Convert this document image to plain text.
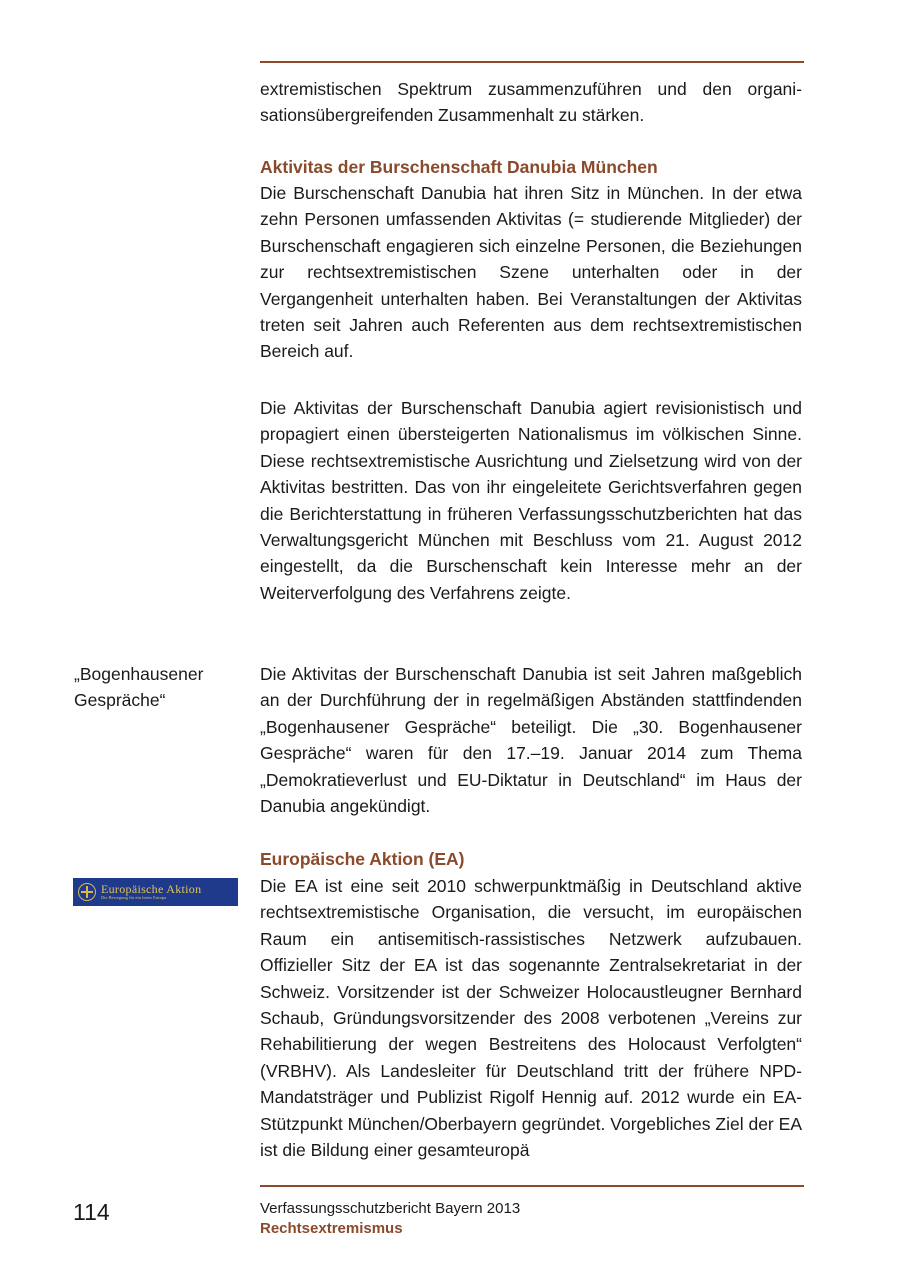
extremistischen Spektrum zusammenzuführen und den organisationsübergreifenden Zusammenhalt zu stärken.

Aktivitas der Burschenschaft Danubia München

Die Burschenschaft Danubia hat ihren Sitz in München. In der etwa zehn Personen umfassenden Aktivitas (= studierende Mitglieder) der Burschenschaft engagieren sich einzelne Personen, die Beziehungen zur rechtsextremistischen Szene unterhalten oder in der Vergangenheit unterhalten haben. Bei Veranstaltungen der Aktivitas treten seit Jahren auch Referenten aus dem rechtsextremistischen Bereich auf.

Die Aktivitas der Burschenschaft Danubia agiert revisionistisch und propagiert einen übersteigerten Nationalismus im völkischen Sinne. Diese rechtsextremistische Ausrichtung und Zielsetzung wird von der Aktivitas bestritten. Das von ihr eingeleitete Gerichtsverfahren gegen die Berichterstattung in früheren Verfassungsschutzberichten hat das Verwaltungsgericht München mit Beschluss vom 21. August 2012 eingestellt, da die Burschenschaft kein Interesse mehr an der Weiterverfolgung des Verfahrens zeigte.

„Bogenhausener
Gespräche“

Die Aktivitas der Burschenschaft Danubia ist seit Jahren maßgeblich an der Durchführung der in regelmäßigen Abständen stattfindenden „Bogenhausener Gespräche“ beteiligt. Die „30. Bogenhausener Gespräche“ waren für den 17.–19. Januar 2014 zum Thema „Demokratieverlust und EU-Diktatur in Deutschland“ im Haus der Danubia angekündigt.

Europäische Aktion (EA)
Europäische Aktion
Die Bewegung für ein freies Europa

Die EA ist eine seit 2010 schwerpunktmäßig in Deutschland aktive rechtsextremistische Organisation, die versucht, im europäischen Raum ein antisemitisch-rassistisches Netzwerk aufzubauen. Offizieller Sitz der EA ist das sogenannte Zentralsekretariat in der Schweiz. Vorsitzender ist der Schweizer Holocaustleugner Bernhard Schaub, Gründungsvorsitzender des 2008 verbotenen „Vereins zur Rehabilitierung der wegen Bestreitens des Holocaust Verfolgten“ (VRBHV). Als Landesleiter für Deutschland tritt der frühere NPD-Mandatsträger und Publizist Rigolf Hennig auf. 2012 wurde ein EA-Stützpunkt München/Oberbayern gegründet. Vorgebliches Ziel der EA ist die Bildung einer gesamteuropä

114	Verfassungsschutzbericht Bayern 2013
Rechtsextremismus
